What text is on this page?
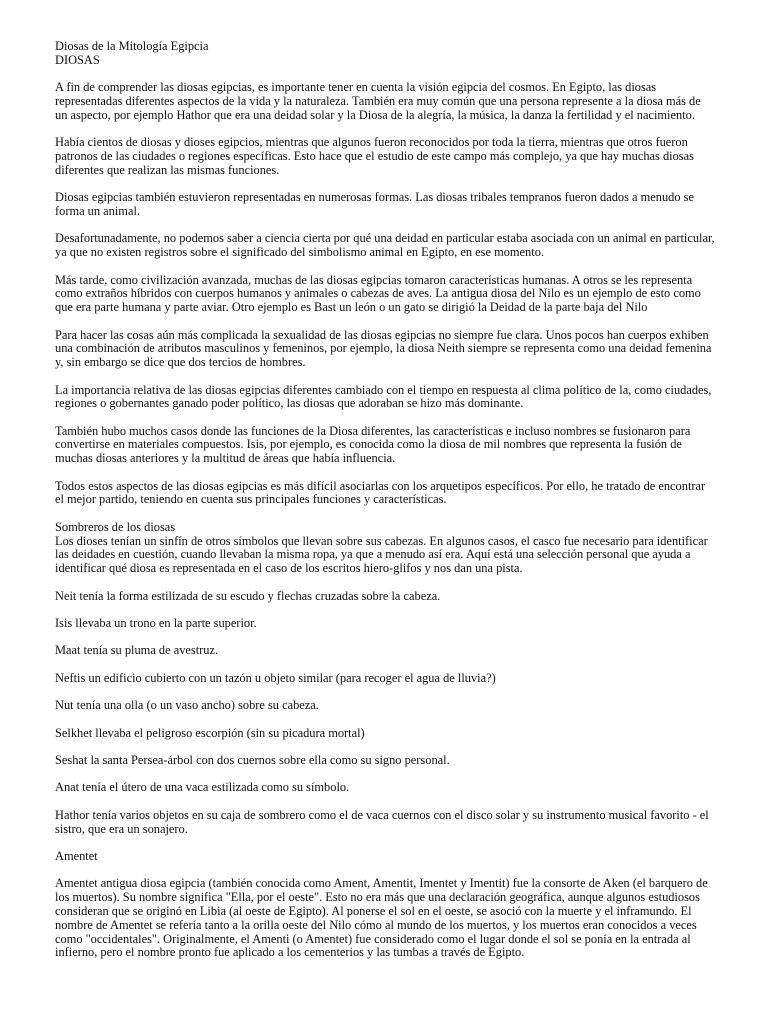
Diosas de la Mitología Egipcia

DIOSAS

A fin de comprender las diosas egipcias, es importante tener en cuenta la visión egipcia del cosmos. En Egipto, las diosas representadas diferentes aspectos de la vida y la naturaleza. También era muy común que una persona represente a la diosa más de un aspecto, por ejemplo Hathor que era una deidad solar y la Diosa de la alegría, la música, la danza la fertilidad y el nacimiento.

Había cientos de diosas y dioses egipcios, mientras que algunos fueron reconocidos por toda la tierra, mientras que otros fueron patronos de las ciudades o regiones específicas. Esto hace que el estudio de este campo más complejo, ya que hay muchas diosas diferentes que realizan las mismas funciones.

Diosas egipcias también estuvieron representadas en numerosas formas. Las diosas tribales tempranos fueron dados a menudo se forma un animal.

Desafortunadamente, no podemos saber a ciencia cierta por qué una deidad en particular estaba asociada con un animal en particular, ya que no existen registros sobre el significado del simbolismo animal en Egipto, en ese momento.

Más tarde, como civilización avanzada, muchas de las diosas egipcias tomaron características humanas. A otros se les representa como extraños híbridos con cuerpos humanos y animales o cabezas de aves. La antigua diosa del Nilo es un ejemplo de esto como que era parte humana y parte aviar. Otro ejemplo es Bast un león o un gato se dirigió la Deidad de la parte baja del Nilo

Para hacer las cosas aún más complicada la sexualidad de las diosas egipcias no siempre fue clara. Unos pocos han cuerpos exhiben una combinación de atributos masculinos y femeninos, por ejemplo, la diosa Neith siempre se representa como una deidad femenina y, sin embargo se dice que dos tercios de hombres.

La importancia relativa de las diosas egipcias diferentes cambiado con el tiempo en respuesta al clima político de la, como ciudades, regiones o gobernantes ganado poder político, las diosas que adoraban se hizo más dominante.

También hubo muchos casos donde las funciones de la Diosa diferentes, las características e incluso nombres se fusionaron para convertirse en materiales compuestos. Isis, por ejemplo, es conocida como la diosa de mil nombres que representa la fusión de muchas diosas anteriores y la multitud de áreas que había influencia.

Todos estos aspectos de las diosas egipcias es más difícil asociarlas con los arquetipos específicos. Por ello, he tratado de encontrar el mejor partido, teniendo en cuenta sus principales funciones y características.

Sombreros de los diosas

Los dioses tenían un sinfín de otros símbolos que llevan sobre sus cabezas. En algunos casos, el casco fue necesario para identificar las deidades en cuestión, cuando llevaban la misma ropa, ya que a menudo así era. Aquí está una selección personal que ayuda a identificar qué diosa es representada en el caso de los escritos hiero-glifos y nos dan una pista.

Neit tenía la forma estilizada de su escudo y flechas cruzadas sobre la cabeza.

Isis llevaba un trono en la parte superior.

Maat tenía su pluma de avestruz.

Neftis un edificio cubierto con un tazón u objeto similar (para recoger el agua de lluvia?)

Nut tenía una olla (o un vaso ancho) sobre su cabeza.

Selkhet llevaba el peligroso escorpión (sin su picadura mortal)

Seshat la santa Persea-árbol con dos cuernos sobre ella como su signo personal.

Anat tenía el útero de una vaca estilizada como su símbolo.

Hathor tenía varios objetos en su caja de sombrero como el de vaca cuernos con el disco solar y su instrumento musical favorito - el sistro, que era un sonajero.

Amentet

Amentet antigua diosa egipcia (también conocida como Ament, Amentit, Imentet y Imentit) fue la consorte de Aken (el barquero de los muertos). Su nombre significa "Ella, por el oeste". Esto no era más que una declaración geográfica, aunque algunos estudiosos consideran que se originó en Libia (al oeste de Egipto). Al ponerse el sol en el oeste, se asoció con la muerte y el inframundo. El nombre de Amentet se refería tanto a la orilla oeste del Nilo cómo al mundo de los muertos, y los muertos eran conocidos a veces como "occidentales". Originalmente, el Amenti (o Amentet) fue considerado como el lugar donde el sol se ponía en la entrada al infierno, pero el nombre pronto fue aplicado a los cementerios y las tumbas a través de Egipto.
